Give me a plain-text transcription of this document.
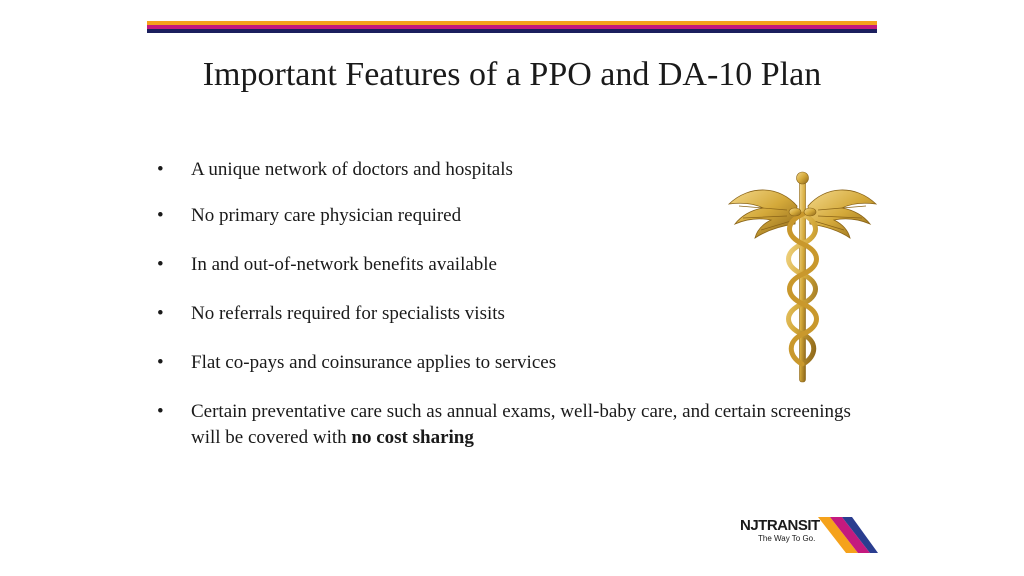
Important Features of a PPO and DA-10 Plan
• A unique network of doctors and hospitals
• No primary care physician required
• In and out-of-network benefits available
• No referrals required for specialists visits
• Flat co-pays and coinsurance applies to services
• Certain preventative care such as annual exams, well-baby care, and certain screenings will be covered with no cost sharing
NJTRANSIT
The Way To Go.
